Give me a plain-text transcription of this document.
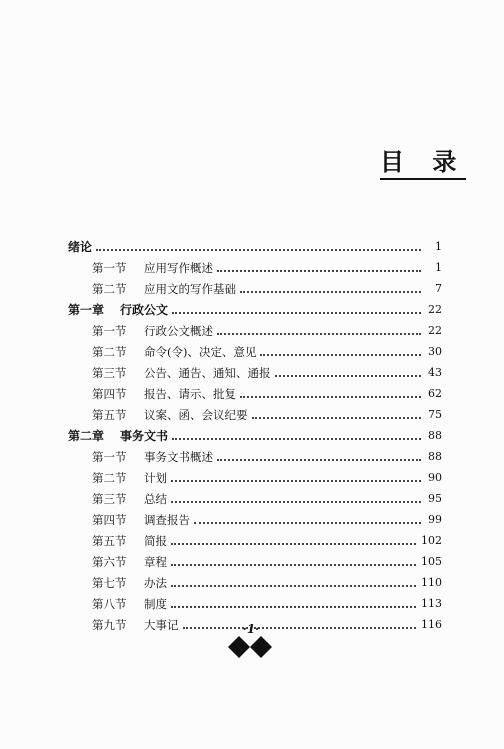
目 录
绪论	1
第一节 应用写作概述	1
第二节 应用文的写作基础	7
第一章 行政公文	22
第一节 行政公文概述	22
第二节 命令(令)、决定、意见	30
第三节 公告、通告、通知、通报	43
第四节 报告、请示、批复	62
第五节 议案、函、会议纪要	75
第二章 事务文书	88
第一节 事务文书概述	88
第二节 计划	90
第三节 总结	95
第四节 调查报告	99
第五节 简报	102
第六节 章程	105
第七节 办法	110
第八节 制度	113
第九节 大事记	116
·1·
